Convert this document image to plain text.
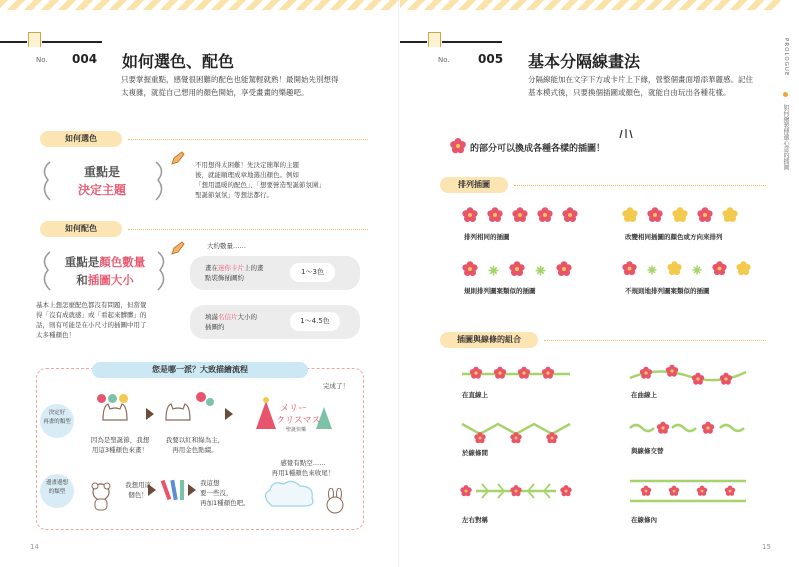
No. 004 如何選色、配色
只要掌握重點，感覺很困難的配色也能駕輕就熟！最開始先別想得
太複雜，就從自己想用的顏色開始，享受畫畫的樂趣吧。
如何選色
重點是
決定主題
不用想得太困難！先決定簡單的主題
後，就能順理成章地選出顏色。例如
「想用溫暖的配色」、「想要營造聖誕節氛圍」
聖誕節氣氛」等想法都行。
如何配色
重點是顏色數量
和插圖大小
大約數量……
畫在迷你卡片上的畫
點裝飾插圖約
1〜3色
填滿名信片大小的
插圖約
1〜4.5色
基本上想怎麼配色都沒有問題，但當覺
得「沒有成就感」或「看起來髒髒」的
話，則有可能是在小尺寸的插圖中用了
太多種顏色！
您是哪一派？大致描繪流程
完成了！
決定好
再畫的類型
邊畫邊想
的類型
因為是聖誕節，我想
用這3種顏色來畫！
我要以紅和綠為主，
再用金色點綴。
メリー
クリスマス
聖誕快樂
我想用這
個色！
我這想
要一些沒，
再加1種顏色吧。
感覺有點空……
再用1種顏色來收尾！
14
No. 005 基本分隔線畫法
分隔線能加在文字下方或卡片上下緣，營整個畫面增添華麗感。記住
基本模式後，只要換個插圖或顏色，就能自由玩出各種花樣。
PROLOGUE
如何繪製傳遞心意的插圖
的部分可以換成各種各樣的插圖！
排列插圖
排列相同的插圖	改變相同插圖的顏色或方向來排列
規則排列圖案類似的插圖	不規則地排列圖案類似的插圖
插圖與線條的組合
在直線上	在曲線上
於線條間	與線條交替
左右對稱	在線條內
15
